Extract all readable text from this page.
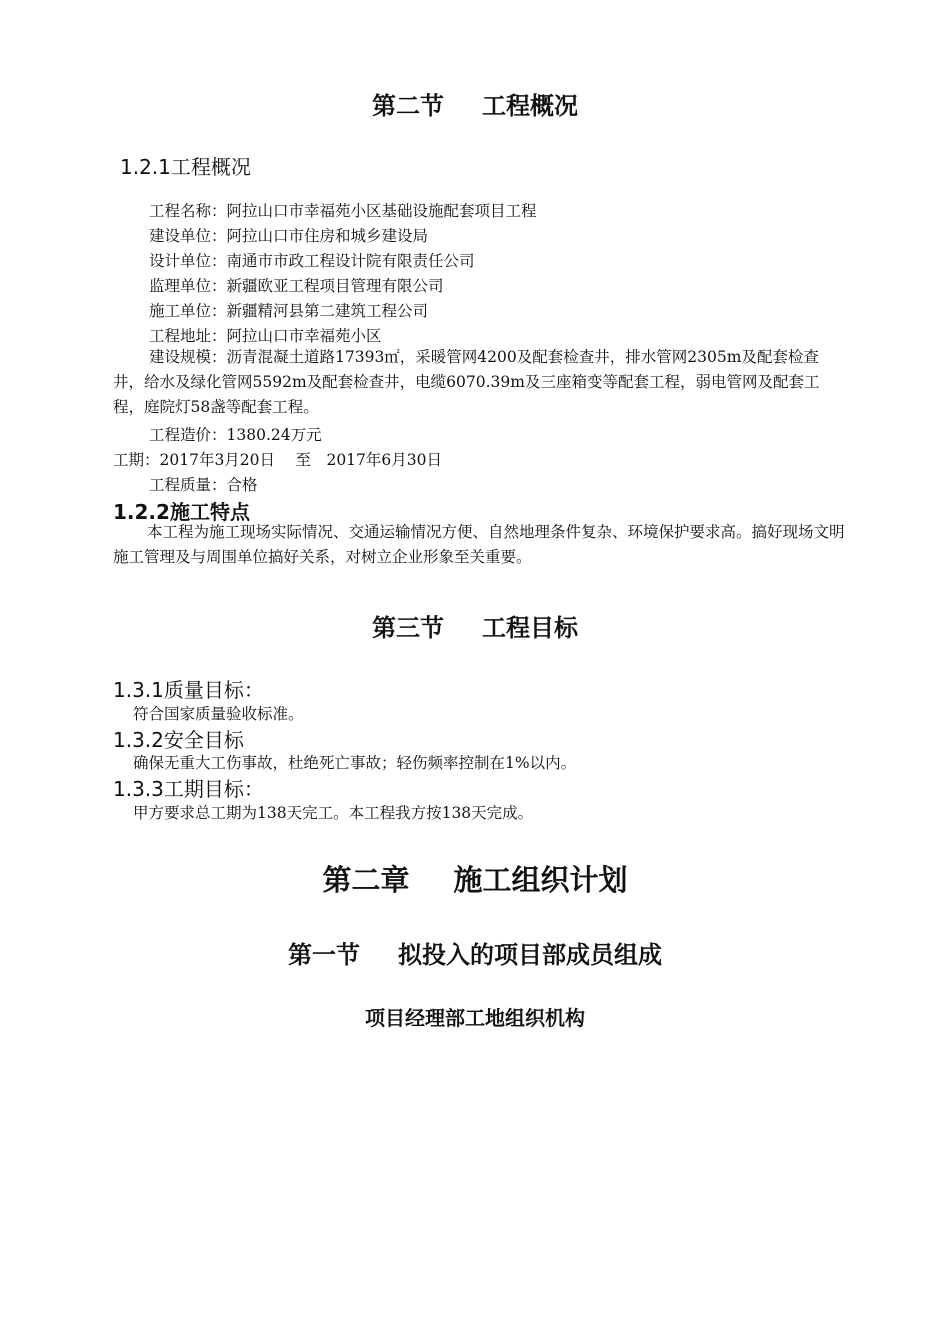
第二节 工程概况
1.2.1工程概况
工程名称：阿拉山口市幸福苑小区基础设施配套项目工程
建设单位：阿拉山口市住房和城乡建设局
设计单位：南通市市政工程设计院有限责任公司
监理单位：新疆欧亚工程项目管理有限公司
施工单位：新疆精河县第二建筑工程公司
工程地址：阿拉山口市幸福苑小区
建设规模：沥青混凝土道路17393㎡，采暖管网4200及配套检查井，排水管网2305m及配套检查井，给水及绿化管网5592m及配套检查井，电缆6070.39m及三座箱变等配套工程，弱电管网及配套工程，庭院灯58盏等配套工程。
工程造价：1380.24万元
工期：2017年3月20日　 至　2017年6月30日
工程质量：合格
1.2.2施工特点
本工程为施工现场实际情况、交通运输情况方便、自然地理条件复杂、环境保护要求高。搞好现场文明施工管理及与周围单位搞好关系，对树立企业形象至关重要。
第三节 工程目标
1.3.1质量目标：
符合国家质量验收标准。
1.3.2安全目标
确保无重大工伤事故，杜绝死亡事故；轻伤频率控制在1%以内。
1.3.3工期目标：
甲方要求总工期为138天完工。本工程我方按138天完成。
第二章 施工组织计划
第一节 拟投入的项目部成员组成
项目经理部工地组织机构
